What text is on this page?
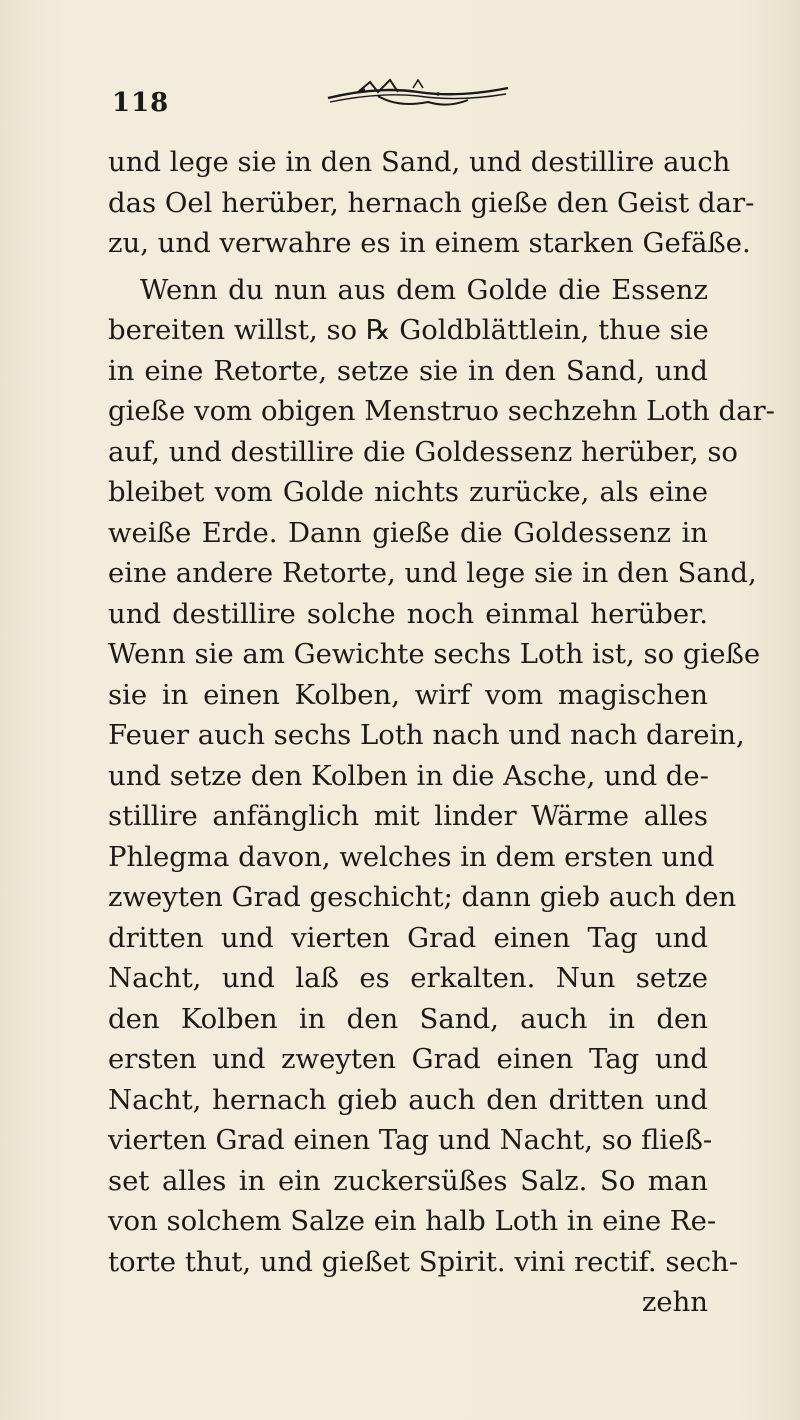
118
und lege sie in den Sand, und destillire auch
das Oel herüber, hernach gieße den Geist dar-
zu, und verwahre es in einem starken Gefäße.
Wenn du nun aus dem Golde die Essenz
bereiten willst, so ℞ Goldblättlein, thue sie
in eine Retorte, setze sie in den Sand, und
gieße vom obigen Menstruo sechzehn Loth dar-
auf, und destillire die Goldessenz herüber, so
bleibet vom Golde nichts zurücke, als eine
weiße Erde. Dann gieße die Goldessenz in
eine andere Retorte, und lege sie in den Sand,
und destillire solche noch einmal herüber.
Wenn sie am Gewichte sechs Loth ist, so gieße
sie in einen Kolben, wirf vom magischen
Feuer auch sechs Loth nach und nach darein,
und setze den Kolben in die Asche, und de-
stillire anfänglich mit linder Wärme alles
Phlegma davon, welches in dem ersten und
zweyten Grad geschicht; dann gieb auch den
dritten und vierten Grad einen Tag und
Nacht, und laß es erkalten. Nun setze
den Kolben in den Sand, auch in den
ersten und zweyten Grad einen Tag und
Nacht, hernach gieb auch den dritten und
vierten Grad einen Tag und Nacht, so fließ-
set alles in ein zuckersüßes Salz. So man
von solchem Salze ein halb Loth in eine Re-
torte thut, und gießet Spirit. vini rectif. sech-
zehn
